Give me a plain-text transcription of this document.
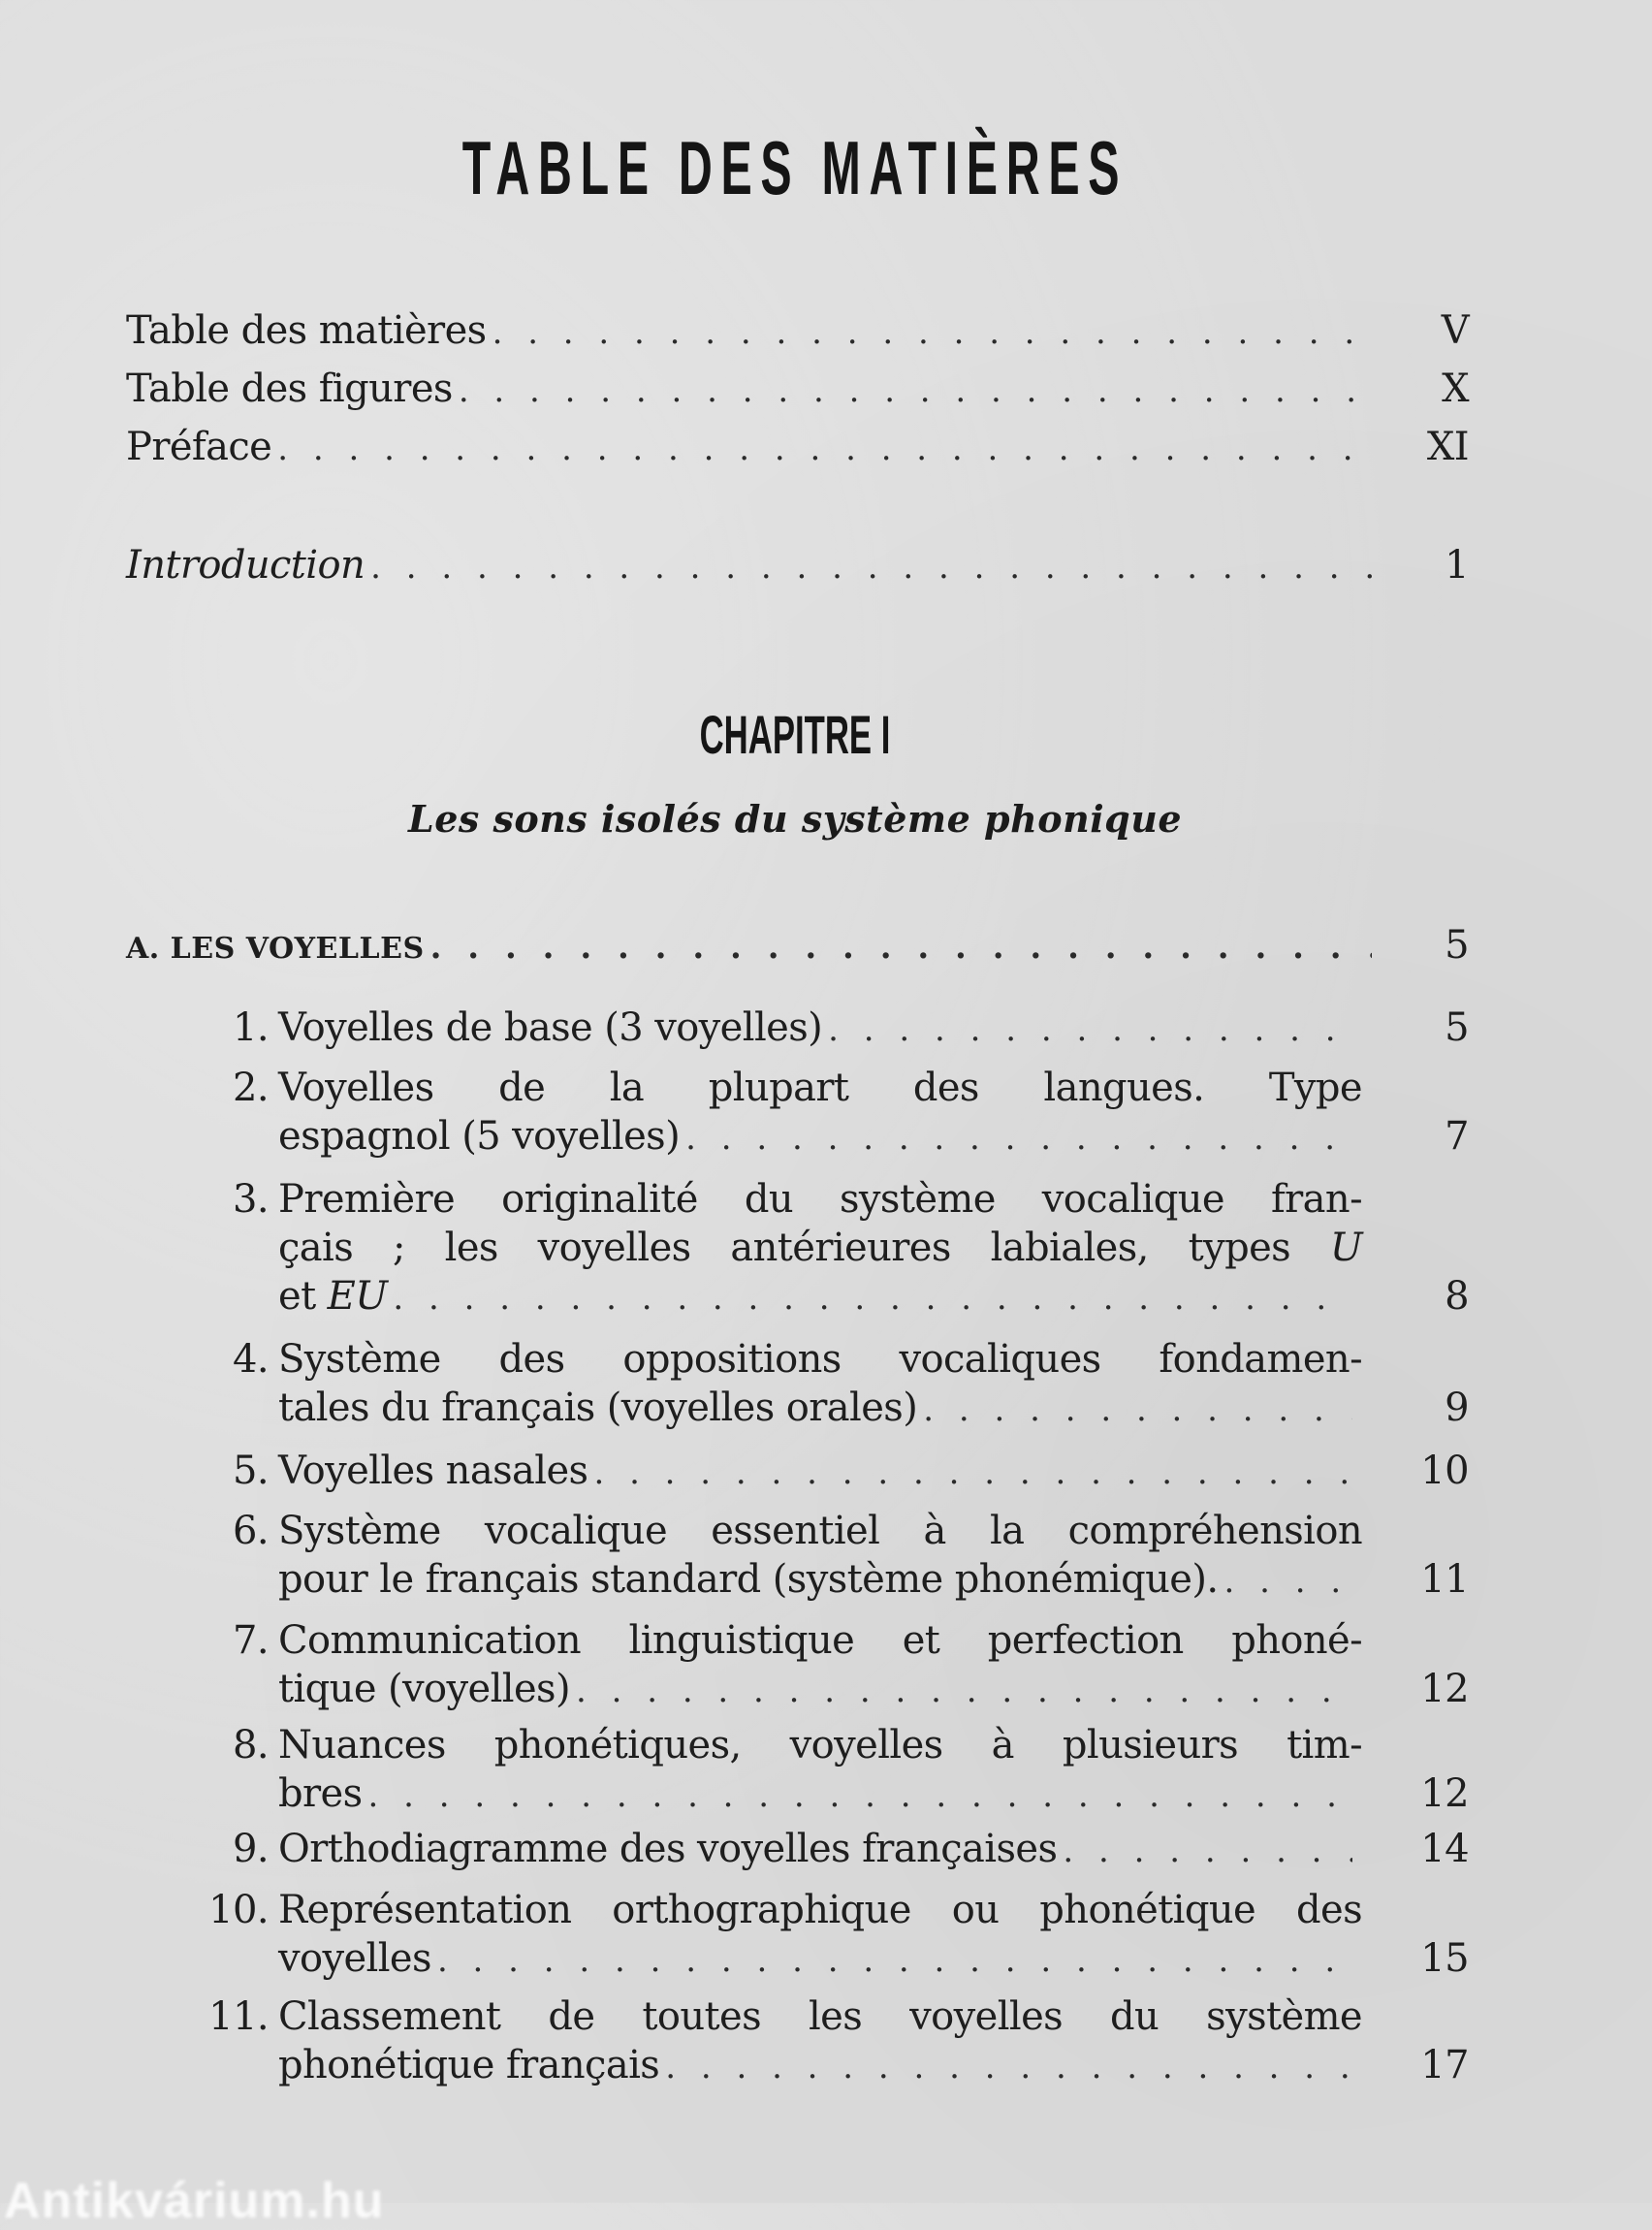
TABLE DES MATIÈRES
Table des matières . . .	V
Table des figures . . .	X
Préface . . .	XI
Introduction . . .	1
CHAPITRE I
Les sons isolés du système phonique
A. LES VOYELLES . . .	5
1. Voyelles de base (3 voyelles) . . .	5
2. Voyelles de la plupart des langues. Type
espagnol (5 voyelles) . . .	7
3. Première originalité du système vocalique fran-
çais ; les voyelles antérieures labiales, types U
et EU . . .	8
4. Système des oppositions vocaliques fondamen-
tales du français (voyelles orales) . . .	9
5. Voyelles nasales . . .	10
6. Système vocalique essentiel à la compréhension
pour le français standard (système phonémique). . . .	11
7. Communication linguistique et perfection phoné-
tique (voyelles) . . .	12
8. Nuances phonétiques, voyelles à plusieurs tim-
bres . . .	12
9. Orthodiagramme des voyelles françaises . . .	14
10. Représentation orthographique ou phonétique des
voyelles . . .	15
11. Classement de toutes les voyelles du système
phonétique français . . .	17
Antikvárium.hu
